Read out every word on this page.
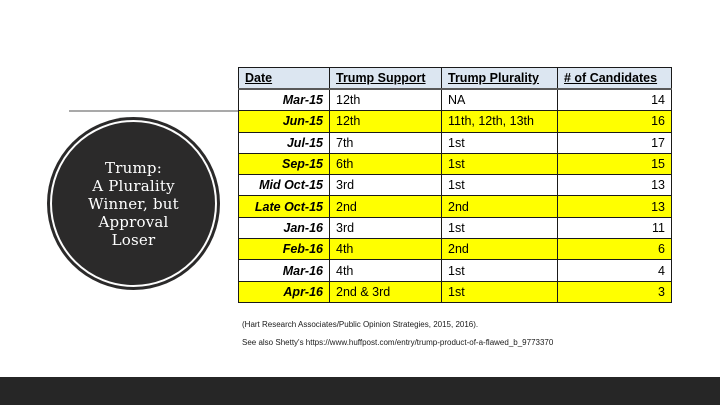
Trump:
A Plurality
Winner, but
Approval
Loser
Date	Trump Support	Trump Plurality	# of Candidates
Mar-15	12th	NA	14
Jun-15	12th	11th, 12th, 13th	16
Jul-15	7th	1st	17
Sep-15	6th	1st	15
Mid Oct-15	3rd	1st	13
Late Oct-15	2nd	2nd	13
Jan-16	3rd	1st	11
Feb-16	4th	2nd	6
Mar-16	4th	1st	4
Apr-16	2nd & 3rd	1st	3
(Hart Research Associates/Public Opinion Strategies, 2015, 2016).
See also Shetty's https://www.huffpost.com/entry/trump-product-of-a-flawed_b_9773370
